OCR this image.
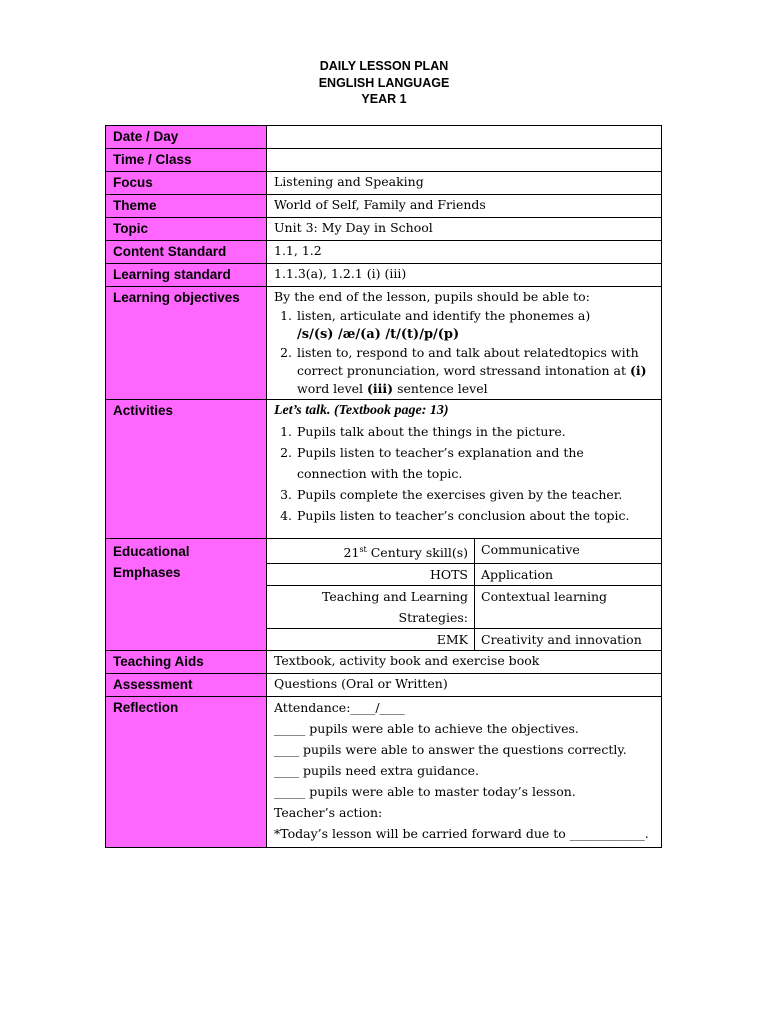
DAILY LESSON PLAN
ENGLISH LANGUAGE
YEAR 1
Date / Day	
Time / Class	
Focus	Listening and Speaking
Theme	World of Self, Family and Friends
Topic	Unit 3: My Day in School
Content Standard	1.1, 1.2
Learning standard	1.1.3(a), 1.2.1 (i) (iii)
Learning objectives	By the end of the lesson, pupils should be able to:
1. listen, articulate and identify the phonemes a)
/s/(s) /æ/(a) /t/(t)/p/(p)
2. listen to, respond to and talk about relatedtopics with correct pronunciation, word stressand intonation at (i) word level (iii) sentence level

Activities	Let’s talk. (Textbook page: 13)
1. Pupils talk about the things in the picture.
2. Pupils listen to teacher’s explanation and the connection with the topic.
3. Pupils complete the exercises given by the teacher.
4. Pupils listen to teacher’s conclusion about the topic.

Educational
Emphases

21st Century skill(s)	Communicative
HOTS	Application
Teaching and Learning Strategies:	Contextual learning
EMK	Creativity and innovation

Teaching Aids	Textbook, activity book and exercise book
Assessment	Questions (Oral or Written)
Reflection	Attendance:____/____
_____ pupils were able to achieve the objectives.
____ pupils were able to answer the questions correctly.
____ pupils need extra guidance.
_____ pupils were able to master today’s lesson.
Teacher’s action:
*Today’s lesson will be carried forward due to ____________.
